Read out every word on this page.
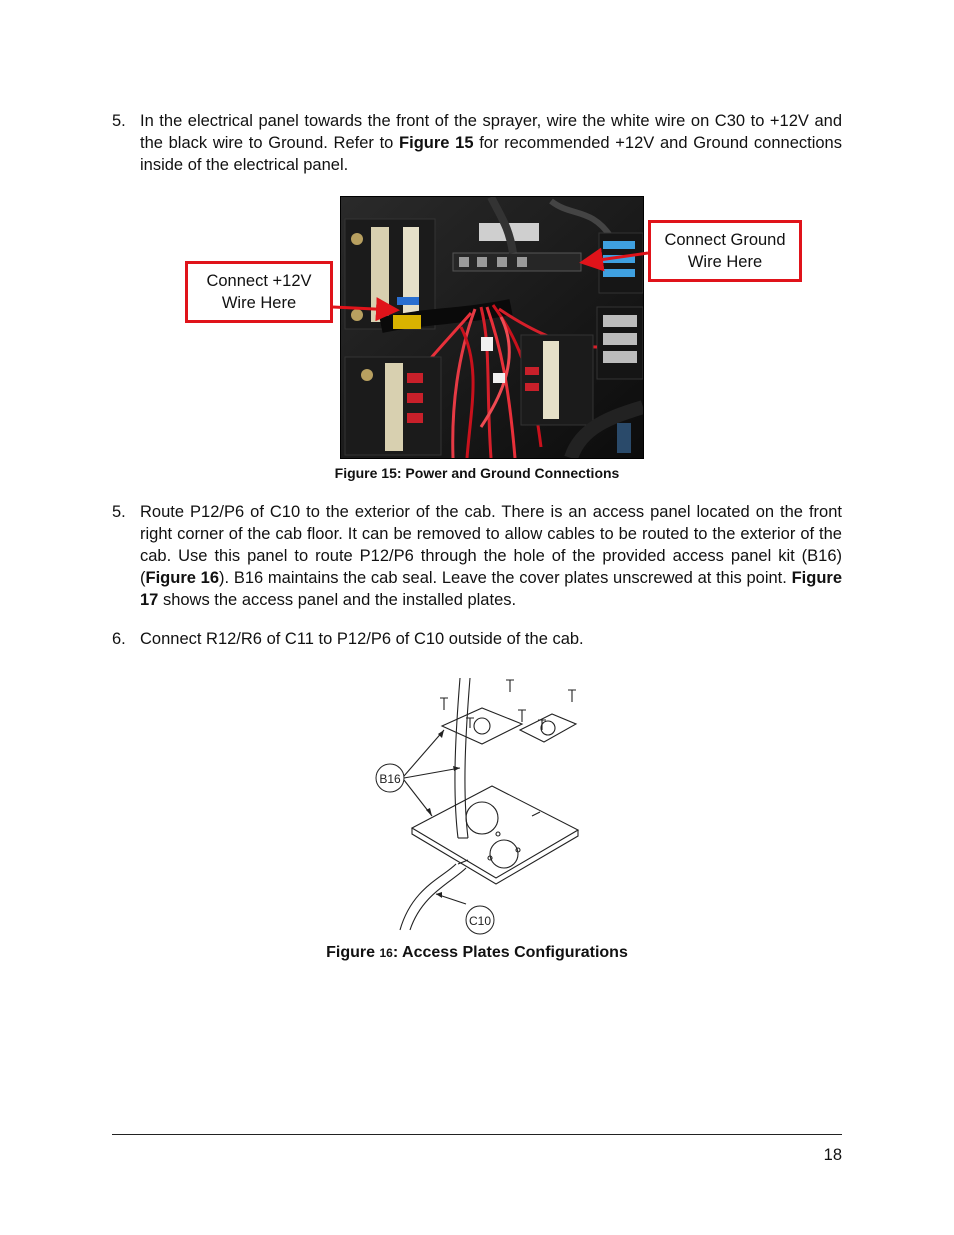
5. In the electrical panel towards the front of the sprayer, wire the white wire on C30 to +12V and the black wire to Ground. Refer to Figure 15 for recommended +12V and Ground connections inside of the electrical panel.
Connect +12V Wire Here
Connect Ground Wire Here
Figure 15: Power and Ground Connections
5. Route P12/P6 of C10 to the exterior of the cab. There is an access panel located on the front right corner of the cab floor. It can be removed to allow cables to be routed to the exterior of the cab. Use this panel to route P12/P6 through the hole of the provided access panel kit (B16) (Figure 16). B16 maintains the cab seal. Leave the cover plates unscrewed at this point. Figure 17 shows the access panel and the installed plates.
6. Connect R12/R6 of C11 to P12/P6 of C10 outside of the cab.
B16
C10
Figure 16: Access Plates Configurations
18
